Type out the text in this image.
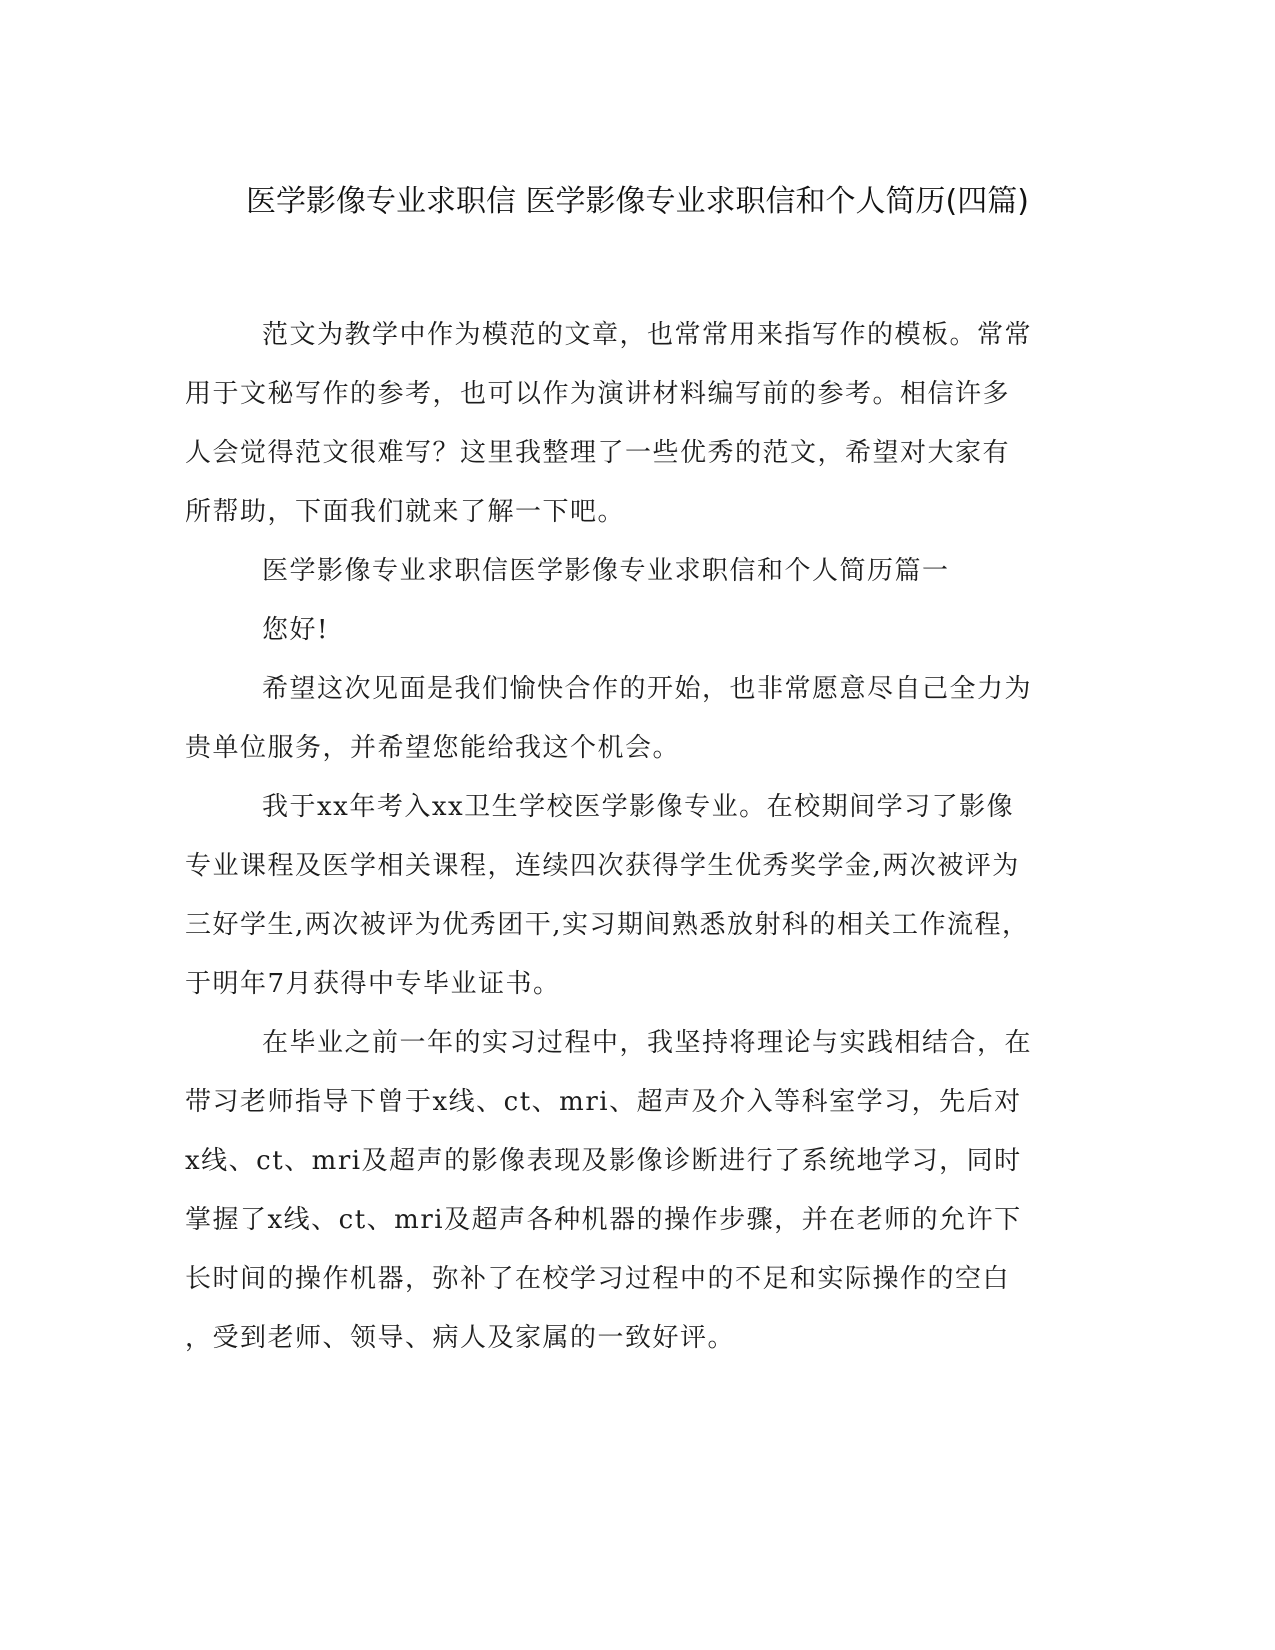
医学影像专业求职信 医学影像专业求职信和个人简历(四篇)
范文为教学中作为模范的文章，也常常用来指写作的模板。常常
用于文秘写作的参考，也可以作为演讲材料编写前的参考。相信许多
人会觉得范文很难写？这里我整理了一些优秀的范文，希望对大家有
所帮助，下面我们就来了解一下吧。
医学影像专业求职信医学影像专业求职信和个人简历篇一
您好!
希望这次见面是我们愉快合作的开始，也非常愿意尽自己全力为
贵单位服务，并希望您能给我这个机会。
我于xx年考入xx卫生学校医学影像专业。在校期间学习了影像
专业课程及医学相关课程，连续四次获得学生优秀奖学金,两次被评为
三好学生,两次被评为优秀团干,实习期间熟悉放射科的相关工作流程，
于明年7月获得中专毕业证书。
在毕业之前一年的实习过程中，我坚持将理论与实践相结合，在
带习老师指导下曾于x线、ct、mri、超声及介入等科室学习，先后对
x线、ct、mri及超声的影像表现及影像诊断进行了系统地学习，同时
掌握了x线、ct、mri及超声各种机器的操作步骤，并在老师的允许下
长时间的操作机器，弥补了在校学习过程中的不足和实际操作的空白
，受到老师、领导、病人及家属的一致好评。
